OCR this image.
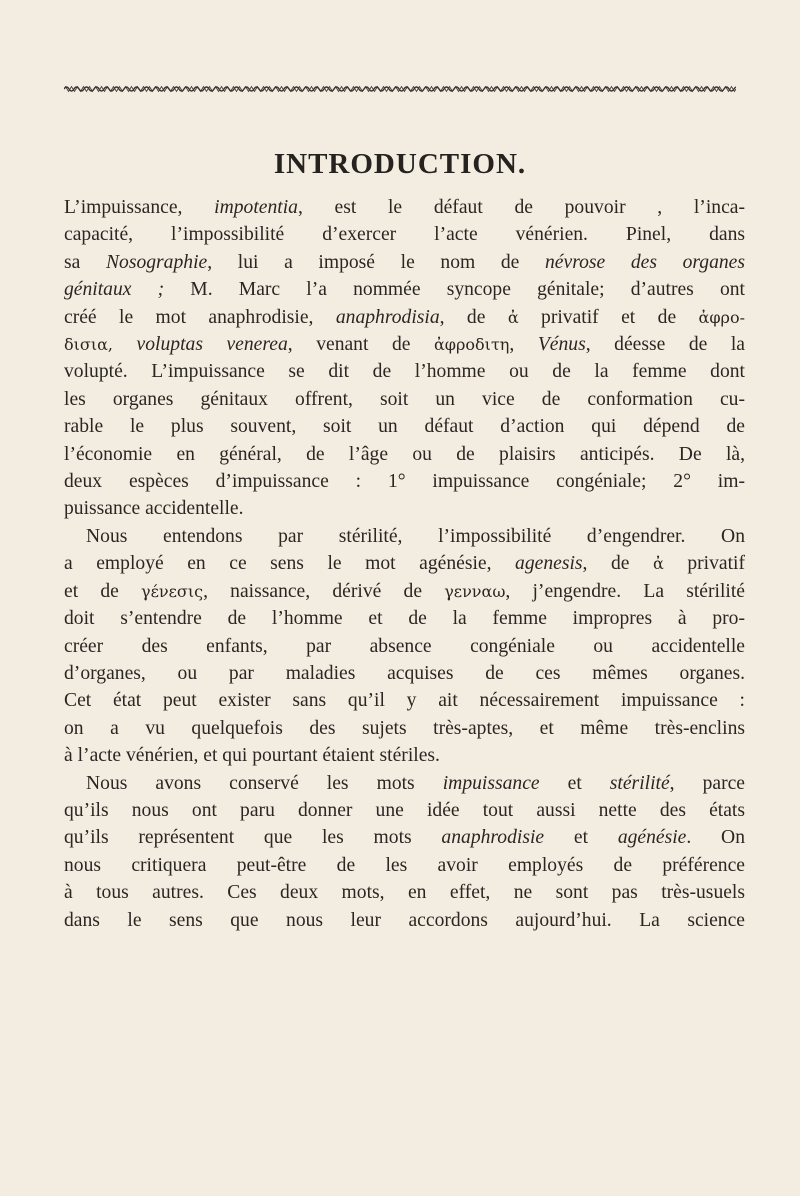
INTRODUCTION.
L’impuissance, impotentia, est le défaut de pouvoir , l’inca-
capacité, l’impossibilité d’exercer l’acte vénérien. Pinel, dans
sa Nosographie, lui a imposé le nom de névrose des organes
génitaux ; M. Marc l’a nommée syncope génitale; d’autres ont
créé le mot anaphrodisie, anaphrodisia, de ἀ privatif et de ἀφρο-
δισια, voluptas venerea, venant de ἀφροδιτη, Vénus, déesse de la
volupté. L’impuissance se dit de l’homme ou de la femme dont
les organes génitaux offrent, soit un vice de conformation cu-
rable le plus souvent, soit un défaut d’action qui dépend de
l’économie en général, de l’âge ou de plaisirs anticipés. De là,
deux espèces d’impuissance : 1° impuissance congéniale; 2° im-
puissance accidentelle.
Nous entendons par stérilité, l’impossibilité d’engendrer. On
a employé en ce sens le mot agénésie, agenesis, de ἀ privatif
et de γένεσις, naissance, dérivé de γενναω, j’engendre. La stérilité
doit s’entendre de l’homme et de la femme impropres à pro-
créer des enfants, par absence congéniale ou accidentelle
d’organes, ou par maladies acquises de ces mêmes organes.
Cet état peut exister sans qu’il y ait nécessairement impuissance :
on a vu quelquefois des sujets très-aptes, et même très-enclins
à l’acte vénérien, et qui pourtant étaient stériles.
Nous avons conservé les mots impuissance et stérilité, parce
qu’ils nous ont paru donner une idée tout aussi nette des états
qu’ils représentent que les mots anaphrodisie et agénésie. On
nous critiquera peut-être de les avoir employés de préférence
à tous autres. Ces deux mots, en effet, ne sont pas très-usuels
dans le sens que nous leur accordons aujourd’hui. La science
